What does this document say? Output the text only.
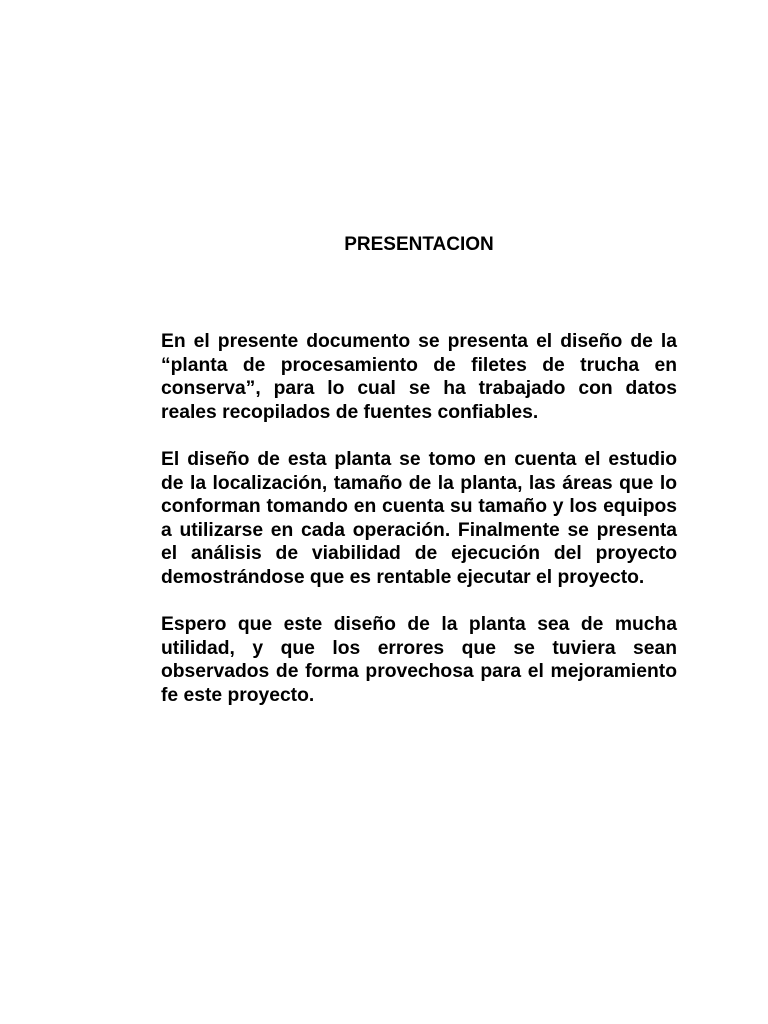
PRESENTACION

En el presente documento se presenta el diseño de la “planta de procesamiento de filetes de trucha en conserva”, para lo cual se ha trabajado con datos reales recopilados de fuentes confiables.

El diseño de esta planta se tomo en cuenta el estudio de la localización, tamaño de la planta, las áreas que lo conforman tomando en cuenta su tamaño y los equipos a utilizarse en cada operación. Finalmente se presenta el análisis de viabilidad de ejecución del proyecto demostrándose que es rentable ejecutar el proyecto.

Espero que este diseño de la planta sea de mucha utilidad, y que los errores que se tuviera sean observados de forma provechosa para el mejoramiento fe este proyecto.
